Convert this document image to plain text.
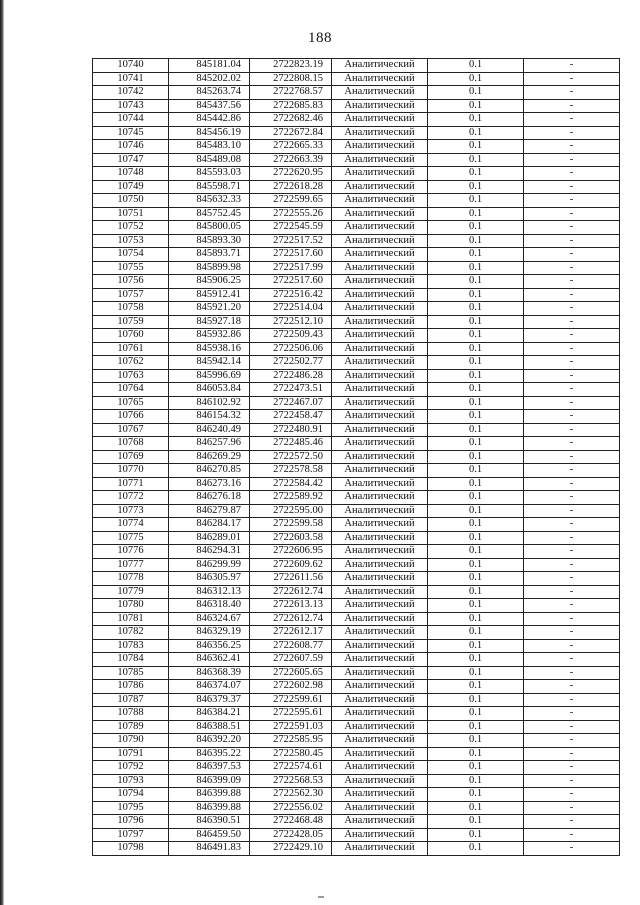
188
10740	845181.04	2722823.19	Аналитический	0.1	-
10741	845202.02	2722808.15	Аналитический	0.1	-
10742	845263.74	2722768.57	Аналитический	0.1	-
10743	845437.56	2722685.83	Аналитический	0.1	-
10744	845442.86	2722682.46	Аналитический	0.1	-
10745	845456.19	2722672.84	Аналитический	0.1	-
10746	845483.10	2722665.33	Аналитический	0.1	-
10747	845489.08	2722663.39	Аналитический	0.1	-
10748	845593.03	2722620.95	Аналитический	0.1	-
10749	845598.71	2722618.28	Аналитический	0.1	-
10750	845632.33	2722599.65	Аналитический	0.1	-
10751	845752.45	2722555.26	Аналитический	0.1	-
10752	845800.05	2722545.59	Аналитический	0.1	-
10753	845893.30	2722517.52	Аналитический	0.1	-
10754	845893.71	2722517.60	Аналитический	0.1	-
10755	845899.98	2722517.99	Аналитический	0.1	-
10756	845906.25	2722517.60	Аналитический	0.1	-
10757	845912.41	2722516.42	Аналитический	0.1	-
10758	845921.20	2722514.04	Аналитический	0.1	-
10759	845927.18	2722512.10	Аналитический	0.1	-
10760	845932.86	2722509.43	Аналитический	0.1	-
10761	845938.16	2722506.06	Аналитический	0.1	-
10762	845942.14	2722502.77	Аналитический	0.1	-
10763	845996.69	2722486.28	Аналитический	0.1	-
10764	846053.84	2722473.51	Аналитический	0.1	-
10765	846102.92	2722467.07	Аналитический	0.1	-
10766	846154.32	2722458.47	Аналитический	0.1	-
10767	846240.49	2722480.91	Аналитический	0.1	-
10768	846257.96	2722485.46	Аналитический	0.1	-
10769	846269.29	2722572.50	Аналитический	0.1	-
10770	846270.85	2722578.58	Аналитический	0.1	-
10771	846273.16	2722584.42	Аналитический	0.1	-
10772	846276.18	2722589.92	Аналитический	0.1	-
10773	846279.87	2722595.00	Аналитический	0.1	-
10774	846284.17	2722599.58	Аналитический	0.1	-
10775	846289.01	2722603.58	Аналитический	0.1	-
10776	846294.31	2722606.95	Аналитический	0.1	-
10777	846299.99	2722609.62	Аналитический	0.1	-
10778	846305.97	2722611.56	Аналитический	0.1	-
10779	846312.13	2722612.74	Аналитический	0.1	-
10780	846318.40	2722613.13	Аналитический	0.1	-
10781	846324.67	2722612.74	Аналитический	0.1	-
10782	846329.19	2722612.17	Аналитический	0.1	-
10783	846356.25	2722608.77	Аналитический	0.1	-
10784	846362.41	2722607.59	Аналитический	0.1	-
10785	846368.39	2722605.65	Аналитический	0.1	-
10786	846374.07	2722602.98	Аналитический	0.1	-
10787	846379.37	2722599.61	Аналитический	0.1	-
10788	846384.21	2722595.61	Аналитический	0.1	-
10789	846388.51	2722591.03	Аналитический	0.1	-
10790	846392.20	2722585.95	Аналитический	0.1	-
10791	846395.22	2722580.45	Аналитический	0.1	-
10792	846397.53	2722574.61	Аналитический	0.1	-
10793	846399.09	2722568.53	Аналитический	0.1	-
10794	846399.88	2722562.30	Аналитический	0.1	-
10795	846399.88	2722556.02	Аналитический	0.1	-
10796	846390.51	2722468.48	Аналитический	0.1	-
10797	846459.50	2722428.05	Аналитический	0.1	-
10798	846491.83	2722429.10	Аналитический	0.1	-
